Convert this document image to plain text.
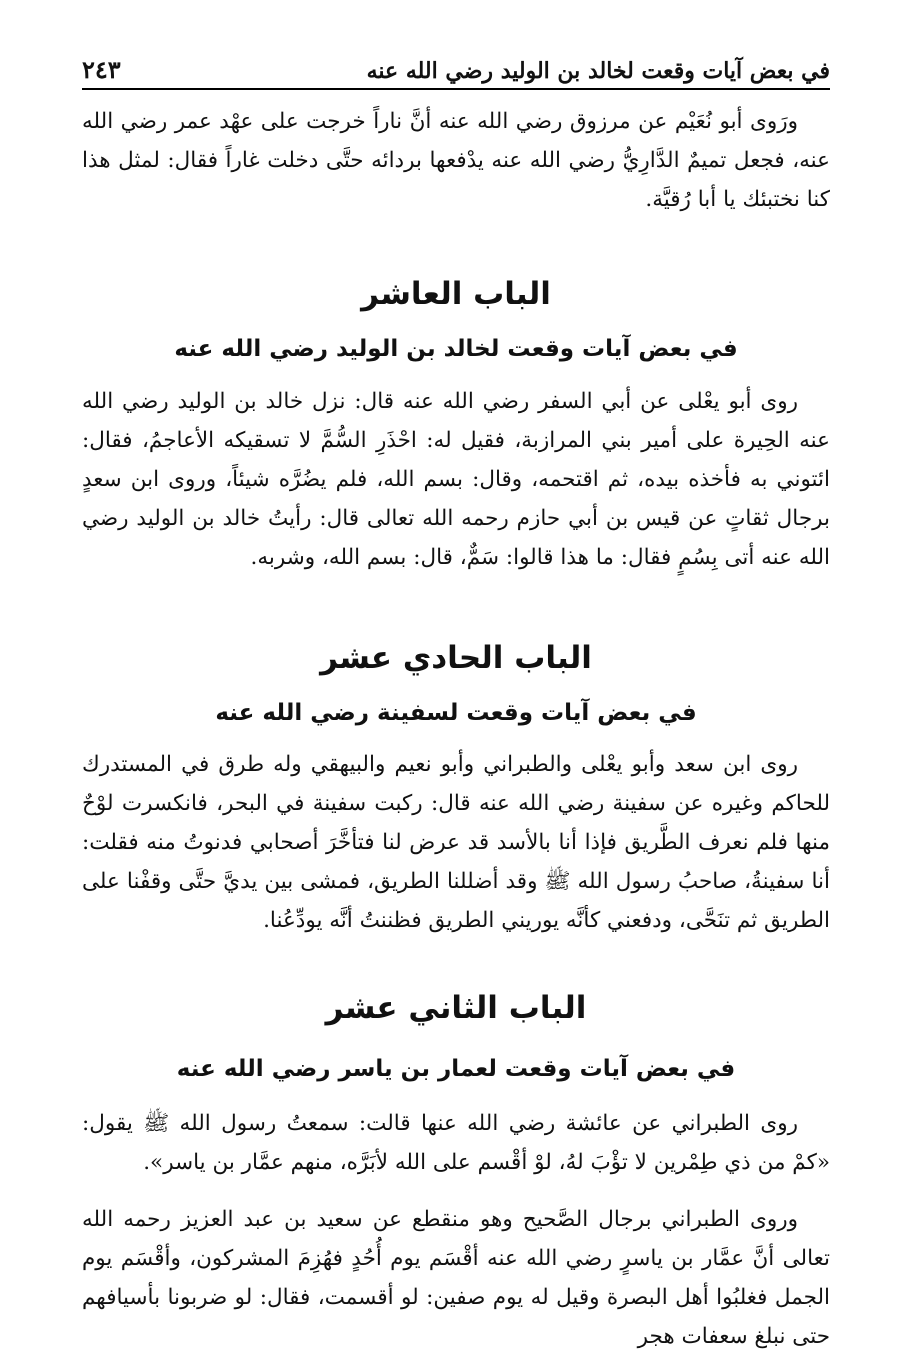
في بعض آيات وقعت لخالد بن الوليد رضي الله عنه
٢٤٣

ورَوى أبو نُعَيْم عن مرزوق رضي الله عنه أنَّ ناراً خرجت على عهْد عمر رضي الله عنه، فجعل تميمٌ الدَّارِيُّ رضي الله عنه يدْفعها بردائه حتَّى دخلت غاراً فقال: لمثل هذا كنا نختبئك يا أبا رُقيَّة.

الباب العاشر
في بعض آيات وقعت لخالد بن الوليد رضي الله عنه

روى أبو يعْلى عن أبي السفر رضي الله عنه قال: نزل خالد بن الوليد رضي الله عنه الحِيرة على أمير بني المرازبة، فقيل له: احْذَرِ السُّمَّ لا تسقيكه الأعاجمُ، فقال: ائتوني به فأخذه بيده، ثم اقتحمه، وقال: بسم الله، فلم يضُرَّه شيئاً، وروى ابن سعدٍ برجال ثقاتٍ عن قيس بن أبي حازم رحمه الله تعالى قال: رأيتُ خالد بن الوليد رضي الله عنه أتى بِسُمٍ فقال: ما هذا قالوا: سَمٌّ، قال: بسم الله، وشربه.

الباب الحادي عشر
في بعض آيات وقعت لسفينة رضي الله عنه

روى ابن سعد وأبو يعْلى والطبراني وأبو نعيم والبيهقي وله طرق في المستدرك للحاكم وغيره عن سفينة رضي الله عنه قال: ركبت سفينة في البحر، فانكسرت لوْحٌ منها فلم نعرف الطَّريق فإذا أنا بالأسد قد عرض لنا فتأخَّرَ أصحابي فدنوتُ منه فقلت: أنا سفينةُ، صاحبُ رسول الله ﷺ وقد أضللنا الطريق، فمشى بين يديَّ حتَّى وقفْنا على الطريق ثم تنَحَّى، ودفعني كأنَّه يوريني الطريق فظننتُ أنَّه يودِّعُنا.

الباب الثاني عشر
في بعض آيات وقعت لعمار بن ياسر رضي الله عنه

روى الطبراني عن عائشة رضي الله عنها قالت: سمعتُ رسول الله ﷺ يقول: «كمْ من ذي طِمْرين لا تؤْبَ لهُ، لوْ أقْسم على الله لأبَرَّه، منهم عمَّار بن ياسر».

وروى الطبراني برجال الصَّحيح وهو منقطع عن سعيد بن عبد العزيز رحمه الله تعالى أنَّ عمَّار بن ياسرٍ رضي الله عنه أقْسَم يوم أُحُدٍ فهُزِمَ المشركون، وأقْسَم يوم الجمل فغلبُوا أهل البصرة وقيل له يوم صفين: لو أقسمت، فقال: لو ضربونا بأسيافهم حتى نبلغ سعفات هجر
